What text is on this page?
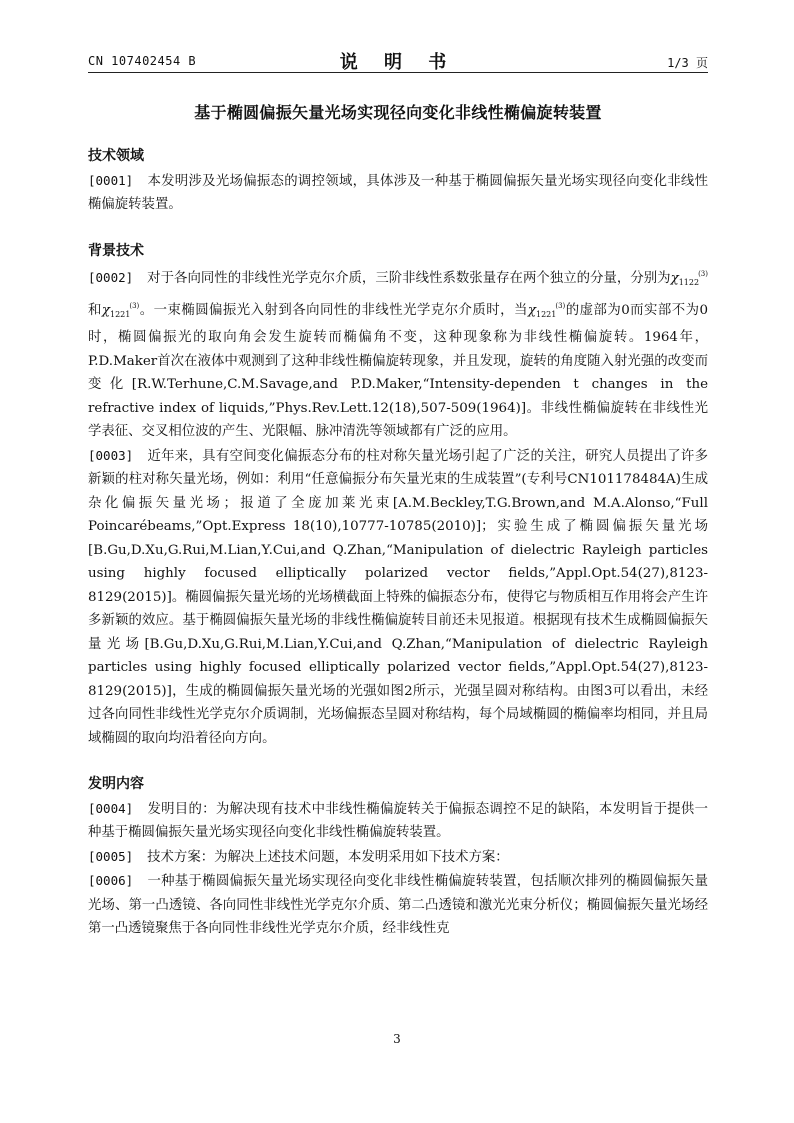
CN 107402454 B	说 明 书	1/3 页
基于椭圆偏振矢量光场实现径向变化非线性椭偏旋转装置

技术领域

[0001] 本发明涉及光场偏振态的调控领域，具体涉及一种基于椭圆偏振矢量光场实现径向变化非线性椭偏旋转装置。

背景技术

[0002] 对于各向同性的非线性光学克尔介质，三阶非线性系数张量存在两个独立的分量，分别为$\chi_{1122}^{(3)}$和$\chi_{1221}^{(3)}$。一束椭圆偏振光入射到各向同性的非线性光学克尔介质时，当$\chi_{1221}^{(3)}$的虚部为0而实部不为0时，椭圆偏振光的取向角会发生旋转而椭偏角不变，这种现象称为非线性椭偏旋转。1964年，P.D.Maker首次在液体中观测到了这种非线性椭偏旋转现象，并且发现，旋转的角度随入射光强的改变而变化[R.W.Terhune,C.M.Savage,and P.D.Maker,“Intensity-dependen t changes in the refractive index of liquids,”Phys.Rev.Lett.12(18),507-509(1964)]。非线性椭偏旋转在非线性光学表征、交叉相位波的产生、光限幅、脉冲清洗等领域都有广泛的应用。

[0003] 近年来，具有空间变化偏振态分布的柱对称矢量光场引起了广泛的关注，研究人员提出了许多新颖的柱对称矢量光场，例如：利用“任意偏振分布矢量光束的生成装置”(专利号CN101178484A)生成杂化偏振矢量光场；报道了全庞加莱光束[A.M.Beckley,T.G.Brown,and M.A.Alonso,“Full Poincarébeams,”Opt.Express 18(10),10777-10785(2010)]；实验生成了椭圆偏振矢量光场[B.Gu,D.Xu,G.Rui,M.Lian,Y.Cui,and Q.Zhan,“Manipulation of dielectric Rayleigh particles using highly focused elliptically polarized vector fields,”Appl.Opt.54(27),8123-8129(2015)]。椭圆偏振矢量光场的光场横截面上特殊的偏振态分布，使得它与物质相互作用将会产生许多新颖的效应。基于椭圆偏振矢量光场的非线性椭偏旋转目前还未见报道。根据现有技术生成椭圆偏振矢量光场[B.Gu,D.Xu,G.Rui,M.Lian,Y.Cui,and Q.Zhan,“Manipulation of dielectric Rayleigh particles using highly focused elliptically polarized vector fields,”Appl.Opt.54(27),8123-8129(2015)]，生成的椭圆偏振矢量光场的光强如图2所示，光强呈圆对称结构。由图3可以看出，未经过各向同性非线性光学克尔介质调制，光场偏振态呈圆对称结构，每个局域椭圆的椭偏率均相同，并且局域椭圆的取向均沿着径向方向。

发明内容

[0004] 发明目的：为解决现有技术中非线性椭偏旋转关于偏振态调控不足的缺陷，本发明旨于提供一种基于椭圆偏振矢量光场实现径向变化非线性椭偏旋转装置。

[0005] 技术方案：为解决上述技术问题，本发明采用如下技术方案：

[0006] 一种基于椭圆偏振矢量光场实现径向变化非线性椭偏旋转装置，包括顺次排列的椭圆偏振矢量光场、第一凸透镜、各向同性非线性光学克尔介质、第二凸透镜和激光光束分析仪；椭圆偏振矢量光场经第一凸透镜聚焦于各向同性非线性光学克尔介质，经非线性克

3
